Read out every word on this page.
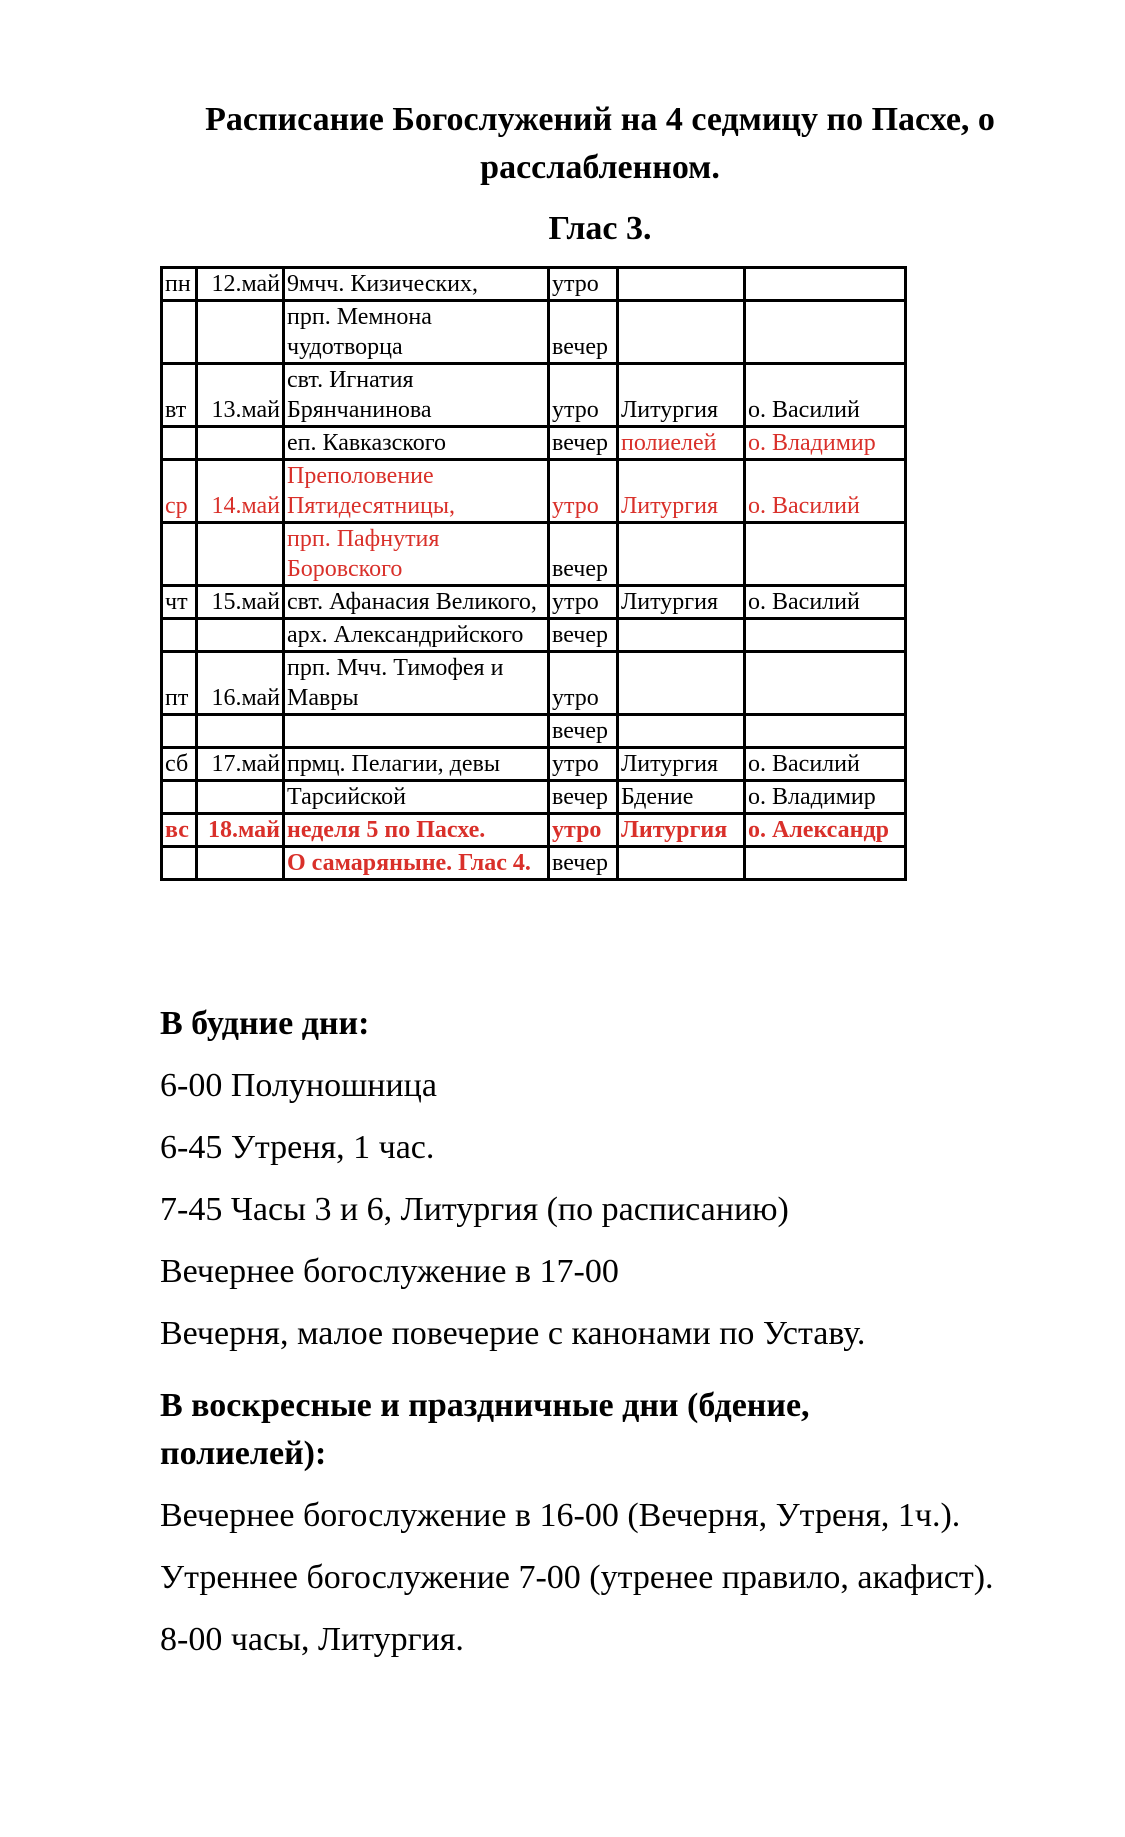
Расписание Богослужений на 4 седмицу по Пасхе, о расслабленном.
Глас 3.
пн	12.май	9мчч. Кизических,	утро		
		прп. Мемнона чудотворца	вечер		
вт	13.май	свт. Игнатия Брянчанинова	утро	Литургия	о. Василий
		еп. Кавказского	вечер	полиелей	о. Владимир
ср	14.май	Преполовение Пятидесятницы,	утро	Литургия	о. Василий
		прп. Пафнутия Боровского	вечер		
чт	15.май	свт. Афанасия Великого,	утро	Литургия	о. Василий
		арх. Александрийского	вечер		
пт	16.май	прп. Мчч. Тимофея и Мавры	утро		
			вечер		
сб	17.май	прмц. Пелагии, девы	утро	Литургия	о. Василий
		Тарсийской	вечер	Бдение	о. Владимир
вс	18.май	неделя 5 по Пасхе.	утро	Литургия	о. Александр
		О самаряныне. Глас 4.	вечер		

В будние дни:

6-00 Полуношница

6-45 Утреня, 1 час.

7-45 Часы 3 и 6, Литургия (по расписанию)

Вечернее богослужение в 17-00

Вечерня, малое повечерие с канонами по Уставу.

В воскресные и праздничные дни (бдение, полиелей):

Вечернее богослужение в 16-00 (Вечерня, Утреня, 1ч.).

Утреннее богослужение 7-00 (утренее правило, акафист).

8-00 часы, Литургия.
